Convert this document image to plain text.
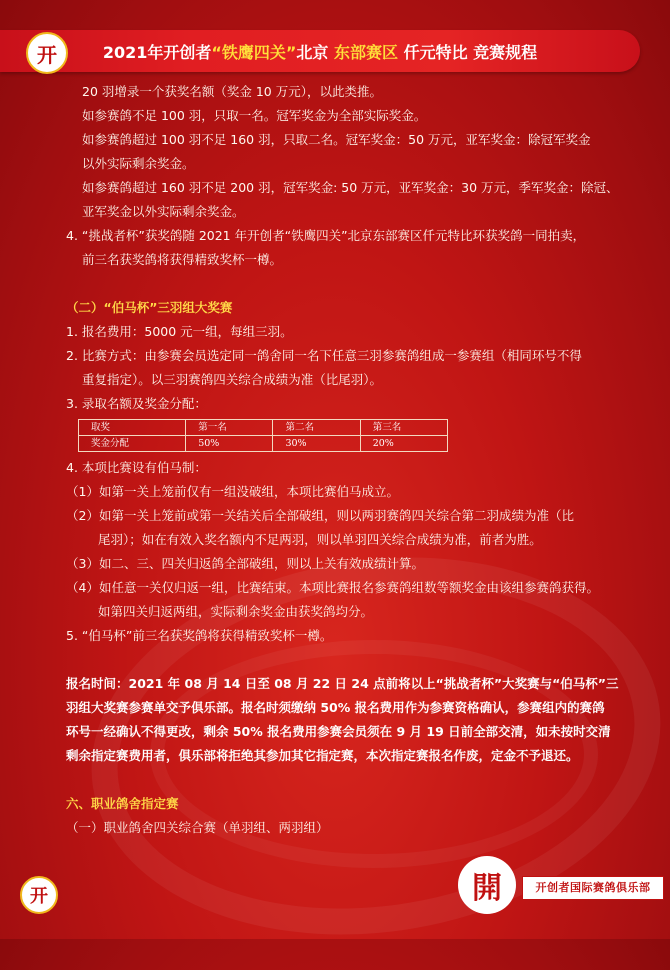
开	2021年开创者“铁鹰四关”北京 东部赛区 仟元特比 竞赛规程

20 羽增录一个获奖名额（奖金 10 万元），以此类推。

如参赛鸽不足 100 羽，只取一名。冠军奖金为全部实际奖金。

如参赛鸽超过 100 羽不足 160 羽，只取二名。冠军奖金：50 万元，亚军奖金：除冠军奖金

以外实际剩余奖金。

如参赛鸽超过 160 羽不足 200 羽，冠军奖金: 50 万元，亚军奖金：30 万元，季军奖金：除冠、

亚军奖金以外实际剩余奖金。

4. “挑战者杯”获奖鸽随 2021 年开创者“铁鹰四关”北京东部赛区仟元特比环获奖鸽一同拍卖，

前三名获奖鸽将获得精致奖杯一樽。

（二）“伯马杯”三羽组大奖赛

1. 报名费用：5000 元一组，每组三羽。

2. 比赛方式：由参赛会员选定同一鸽舍同一名下任意三羽参赛鸽组成一参赛组（相同环号不得

重复指定）。以三羽赛鸽四关综合成绩为准（比尾羽）。

3. 录取名额及奖金分配：

取奖	第一名	第二名	第三名
奖金分配	50%	30%	20%

4. 本项比赛设有伯马制：

（1）如第一关上笼前仅有一组没破组，本项比赛伯马成立。

（2）如第一关上笼前或第一关结关后全部破组，则以两羽赛鸽四关综合第二羽成绩为准（比

尾羽）；如在有效入奖名额内不足两羽，则以单羽四关综合成绩为准，前者为胜。

（3）如二、三、四关归返鸽全部破组，则以上关有效成绩计算。

（4）如任意一关仅归返一组，比赛结束。本项比赛报名参赛鸽组数等额奖金由该组参赛鸽获得。

如第四关归返两组，实际剩余奖金由获奖鸽均分。

5. “伯马杯”前三名获奖鸽将获得精致奖杯一樽。

报名时间：2021 年 08 月 14 日至 08 月 22 日 24 点前将以上“挑战者杯”大奖赛与“伯马杯”三

羽组大奖赛参赛单交予俱乐部。报名时须缴纳 50% 报名费用作为参赛资格确认，参赛组内的赛鸽

环号一经确认不得更改，剩余 50% 报名费用参赛会员须在 9 月 19 日前全部交清，如未按时交清

剩余指定赛费用者，俱乐部将拒绝其参加其它指定赛，本次指定赛报名作废，定金不予退还。

六、职业鸽舍指定赛

（一）职业鸽舍四关综合赛（单羽组、两羽组）

开	開	开创者国际赛鸽俱乐部
